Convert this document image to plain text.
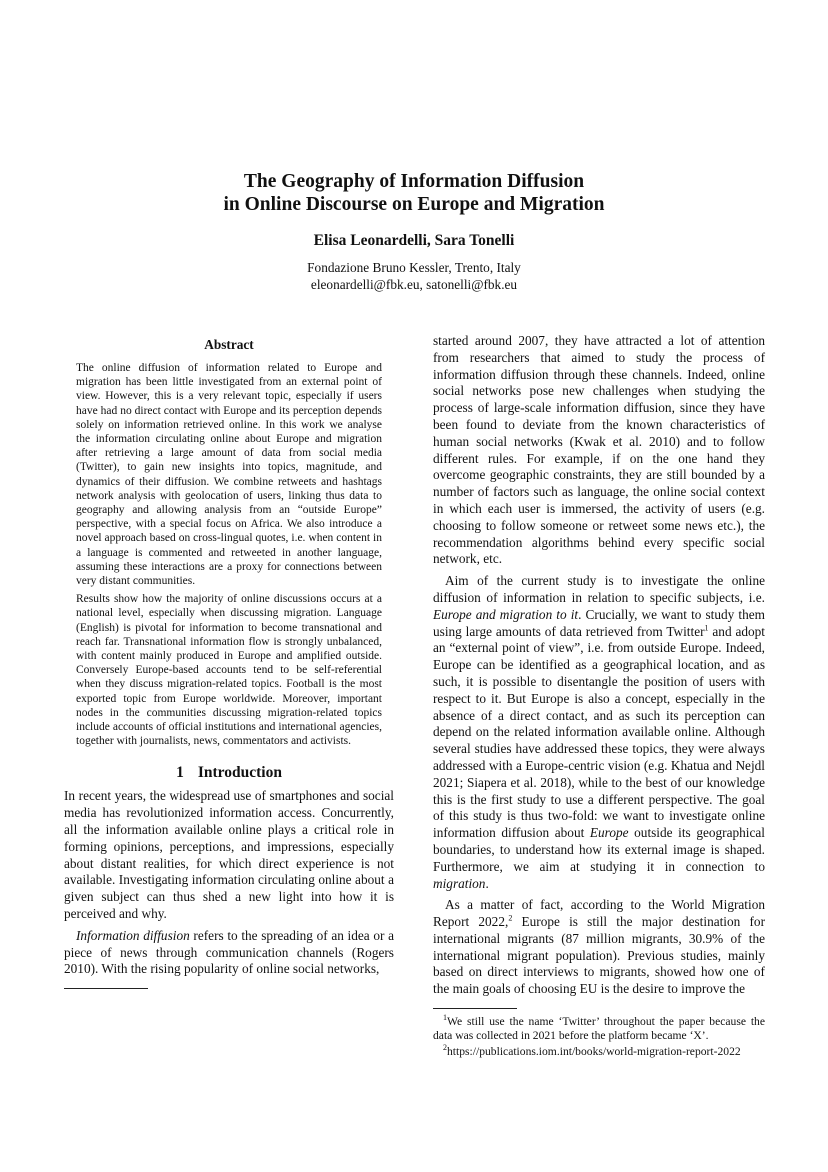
The Geography of Information Diffusion
in Online Discourse on Europe and Migration
Elisa Leonardelli, Sara Tonelli
Fondazione Bruno Kessler, Trento, Italy
eleonardelli@fbk.eu, satonelli@fbk.eu
Abstract

The online diffusion of information related to Europe and migration has been little investigated from an external point of view. However, this is a very relevant topic, especially if users have had no direct contact with Europe and its perception depends solely on information retrieved online. In this work we analyse the information circulating online about Europe and migration after retrieving a large amount of data from social media (Twitter), to gain new insights into topics, magnitude, and dynamics of their diffusion. We combine retweets and hashtags network analysis with geolocation of users, linking thus data to geography and allowing analysis from an “outside Europe” perspective, with a special focus on Africa. We also introduce a novel approach based on cross-lingual quotes, i.e. when content in a language is commented and retweeted in another language, assuming these interactions are a proxy for connections between very distant communities.

Results show how the majority of online discussions occurs at a national level, especially when discussing migration. Language (English) is pivotal for information to become transnational and reach far. Transnational information flow is strongly unbalanced, with content mainly produced in Europe and amplified outside. Conversely Europe-based accounts tend to be self-referential when they discuss migration-related topics. Football is the most exported topic from Europe worldwide. Moreover, important nodes in the communities discussing migration-related topics include accounts of official institutions and international agencies, together with journalists, news, commentators and activists.

1 Introduction

In recent years, the widespread use of smartphones and social media has revolutionized information access. Concurrently, all the information available online plays a critical role in forming opinions, perceptions, and impressions, especially about distant realities, for which direct experience is not available. Investigating information circulating online about a given subject can thus shed a new light into how it is perceived and why.

Information diffusion refers to the spreading of an idea or a piece of news through communication channels (Rogers 2010). With the rising popularity of online social networks,

started around 2007, they have attracted a lot of attention from researchers that aimed to study the process of information diffusion through these channels. Indeed, online social networks pose new challenges when studying the process of large-scale information diffusion, since they have been found to deviate from the known characteristics of human social networks (Kwak et al. 2010) and to follow different rules. For example, if on the one hand they overcome geographic constraints, they are still bounded by a number of factors such as language, the online social context in which each user is immersed, the activity of users (e.g. choosing to follow someone or retweet some news etc.), the recommendation algorithms behind every specific social network, etc.

Aim of the current study is to investigate the online diffusion of information in relation to specific subjects, i.e. Europe and migration to it. Crucially, we want to study them using large amounts of data retrieved from Twitter$^1$ and adopt an “external point of view”, i.e. from outside Europe. Indeed, Europe can be identified as a geographical location, and as such, it is possible to disentangle the position of users with respect to it. But Europe is also a concept, especially in the absence of a direct contact, and as such its perception can depend on the related information available online. Although several studies have addressed these topics, they were always addressed with a Europe-centric vision (e.g. Khatua and Nejdl 2021; Siapera et al. 2018), while to the best of our knowledge this is the first study to use a different perspective. The goal of this study is thus two-fold: we want to investigate online information diffusion about Europe outside its geographical boundaries, to understand how its external image is shaped. Furthermore, we aim at studying it in connection to migration.

As a matter of fact, according to the World Migration Report 2022,$^2$ Europe is still the major destination for international migrants (87 million migrants, 30.9% of the international migrant population). Previous studies, mainly based on direct interviews to migrants, showed how one of the main goals of choosing EU is the desire to improve the

$^1$We still use the name ‘Twitter’ throughout the paper because the data was collected in 2021 before the platform became ‘X’.

$^2$https://publications.iom.int/books/world-migration-report-2022
